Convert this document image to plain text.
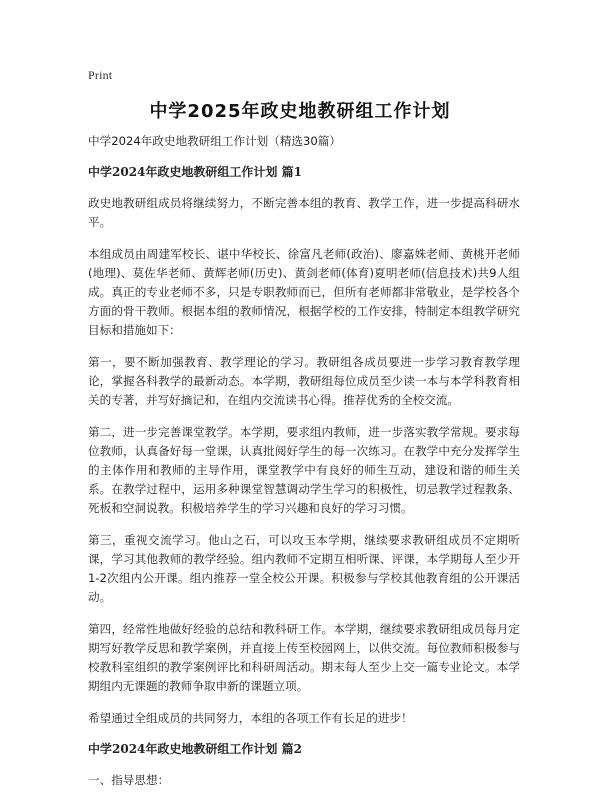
Print
中学2025年政史地教研组工作计划
中学2024年政史地教研组工作计划（精选30篇）
中学2024年政史地教研组工作计划 篇1

政史地教研组成员将继续努力，不断完善本组的教育、教学工作，进一步提高科研水平。

本组成员由周建军校长、谌中华校长、徐富凡老师(政治)、廖嘉姝老师、黄桃开老师(地理)、莫佐华老师、黄辉老师(历史)、黄剑老师(体育)夏明老师(信息技术)共9人组成。真正的专业老师不多，只是专职教师而已，但所有老师都非常敬业，是学校各个方面的骨干教师。根据本组的教师情况，根据学校的工作安排，特制定本组教学研究目标和措施如下：

第一，要不断加强教育、教学理论的学习。教研组各成员要进一步学习教育教学理论，掌握各科教学的最新动态。本学期，教研组每位成员至少读一本与本学科教育相关的专著，并写好摘记和，在组内交流读书心得。推荐优秀的全校交流。

第二，进一步完善课堂教学。本学期，要求组内教师，进一步落实教学常规。要求每位教师，认真备好每一堂课，认真批阅好学生的每一次练习。在教学中充分发挥学生的主体作用和教师的主导作用，课堂教学中有良好的师生互动，建设和谐的师生关系。在教学过程中，运用多种课堂智慧调动学生学习的积极性，切忌教学过程教条、死板和空洞说教。积极培养学生的学习兴趣和良好的学习习惯。

第三，重视交流学习。他山之石，可以攻玉本学期，继续要求教研组成员不定期听课，学习其他教师的教学经验。组内教师不定期互相听课、评课，本学期每人至少开1-2次组内公开课。组内推荐一堂全校公开课。积极参与学校其他教育组的公开课活动。

第四，经常性地做好经验的总结和教科研工作。本学期，继续要求教研组成员每月定期写好教学反思和教学案例，并直接上传至校园网上，以供交流。每位教师积极参与校教科室组织的教学案例评比和科研周活动。期末每人至少上交一篇专业论文。本学期组内无课题的教师争取申新的课题立项。

希望通过全组成员的共同努力，本组的各项工作有长足的进步！

中学2024年政史地教研组工作计划 篇2

一、指导思想：
